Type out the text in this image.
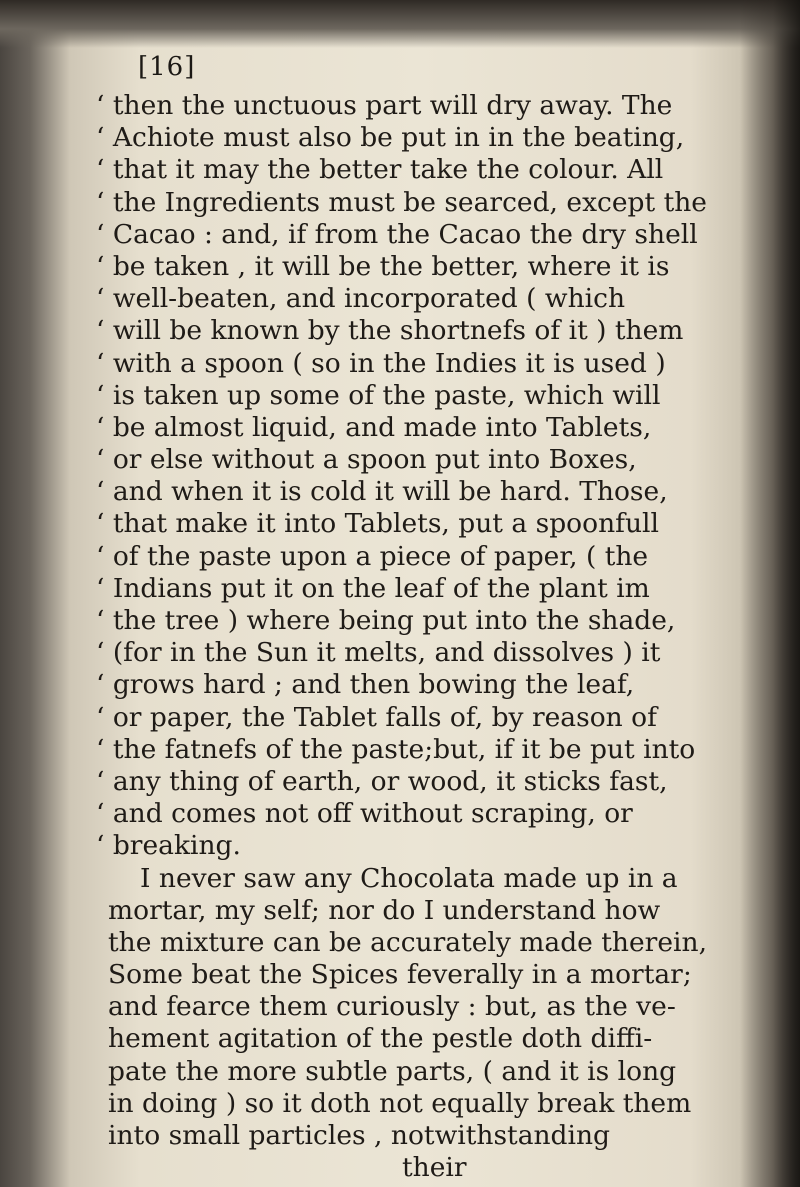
[16]
‘ then the unctuous part will dry away. The
‘ Achiote must also be put in in the beating,
‘ that it may the better take the colour. All
‘ the Ingredients must be searced, except the
‘ Cacao : and, if from the Cacao the dry shell
‘ be taken , it will be the better, where it is
‘ well-beaten, and incorporated ( which
‘ will be known by the shortnefs of it ) them
‘ with a spoon ( so in the Indies it is used )
‘ is taken up some of the paste, which will
‘ be almost liquid, and made into Tablets,
‘ or else without a spoon put into Boxes,
‘ and when it is cold it will be hard. Those,
‘ that make it into Tablets, put a spoonfull
‘ of the paste upon a piece of paper, ( the
‘ Indians put it on the leaf of the plant im
‘ the tree ) where being put into the shade,
‘ (for in the Sun it melts, and dissolves ) it
‘ grows hard ; and then bowing the leaf,
‘ or paper, the Tablet falls of, by reason of
‘ the fatnefs of the paste;but, if it be put into
‘ any thing of earth, or wood, it sticks fast,
‘ and comes not off without scraping, or
‘ breaking.
I never saw any Chocolata made up in a
mortar, my self; nor do I understand how
the mixture can be accurately made therein,
Some beat the Spices feverally in a mortar;
and fearce them curiously : but, as the ve-
hement agitation of the pestle doth diffi-
pate the more subtle parts, ( and it is long
in doing ) so it doth not equally break them
into small particles , notwithstanding
their
